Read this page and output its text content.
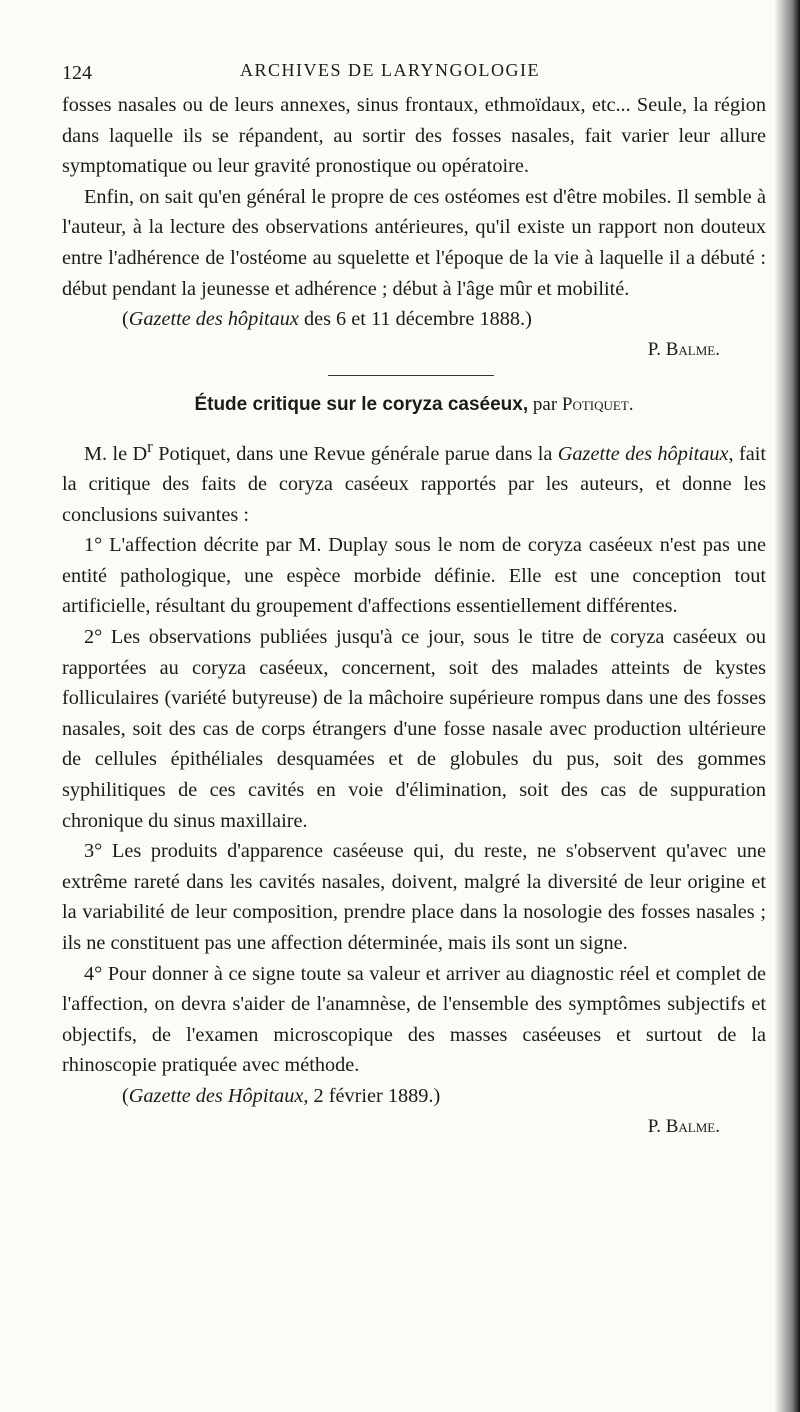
124	ARCHIVES DE LARYNGOLOGIE

fosses nasales ou de leurs annexes, sinus frontaux, ethmoïdaux, etc... Seule, la région dans laquelle ils se répandent, au sortir des fosses nasales, fait varier leur allure symptomatique ou leur gravité pronostique ou opératoire.

Enfin, on sait qu'en général le propre de ces ostéomes est d'être mobiles. Il semble à l'auteur, à la lecture des observations antérieures, qu'il existe un rapport non douteux entre l'adhérence de l'ostéome au squelette et l'époque de la vie à laquelle il a débuté : début pendant la jeunesse et adhérence ; début à l'âge mûr et mobilité.

(Gazette des hôpitaux des 6 et 11 décembre 1888.)

P. Balme.
Étude critique sur le coryza caséeux, par Potiquet.

M. le $D^r$ Potiquet, dans une Revue générale parue dans la Gazette des hôpitaux, fait la critique des faits de coryza caséeux rapportés par les auteurs, et donne les conclusions suivantes :

1° L'affection décrite par M. Duplay sous le nom de coryza caséeux n'est pas une entité pathologique, une espèce morbide définie. Elle est une conception tout artificielle, résultant du groupement d'affections essentiellement différentes.

2° Les observations publiées jusqu'à ce jour, sous le titre de coryza caséeux ou rapportées au coryza caséeux, concernent, soit des malades atteints de kystes folliculaires (variété butyreuse) de la mâchoire supérieure rompus dans une des fosses nasales, soit des cas de corps étrangers d'une fosse nasale avec production ultérieure de cellules épithéliales desquamées et de globules du pus, soit des gommes syphilitiques de ces cavités en voie d'élimination, soit des cas de suppuration chronique du sinus maxillaire.

3° Les produits d'apparence caséeuse qui, du reste, ne s'observent qu'avec une extrême rareté dans les cavités nasales, doivent, malgré la diversité de leur origine et la variabilité de leur composition, prendre place dans la nosologie des fosses nasales ; ils ne constituent pas une affection déterminée, mais ils sont un signe.

4° Pour donner à ce signe toute sa valeur et arriver au diagnostic réel et complet de l'affection, on devra s'aider de l'anamnèse, de l'ensemble des symptômes subjectifs et objectifs, de l'examen microscopique des masses caséeuses et surtout de la rhinoscopie pratiquée avec méthode.

(Gazette des Hôpitaux, 2 février 1889.)

P. Balme.
